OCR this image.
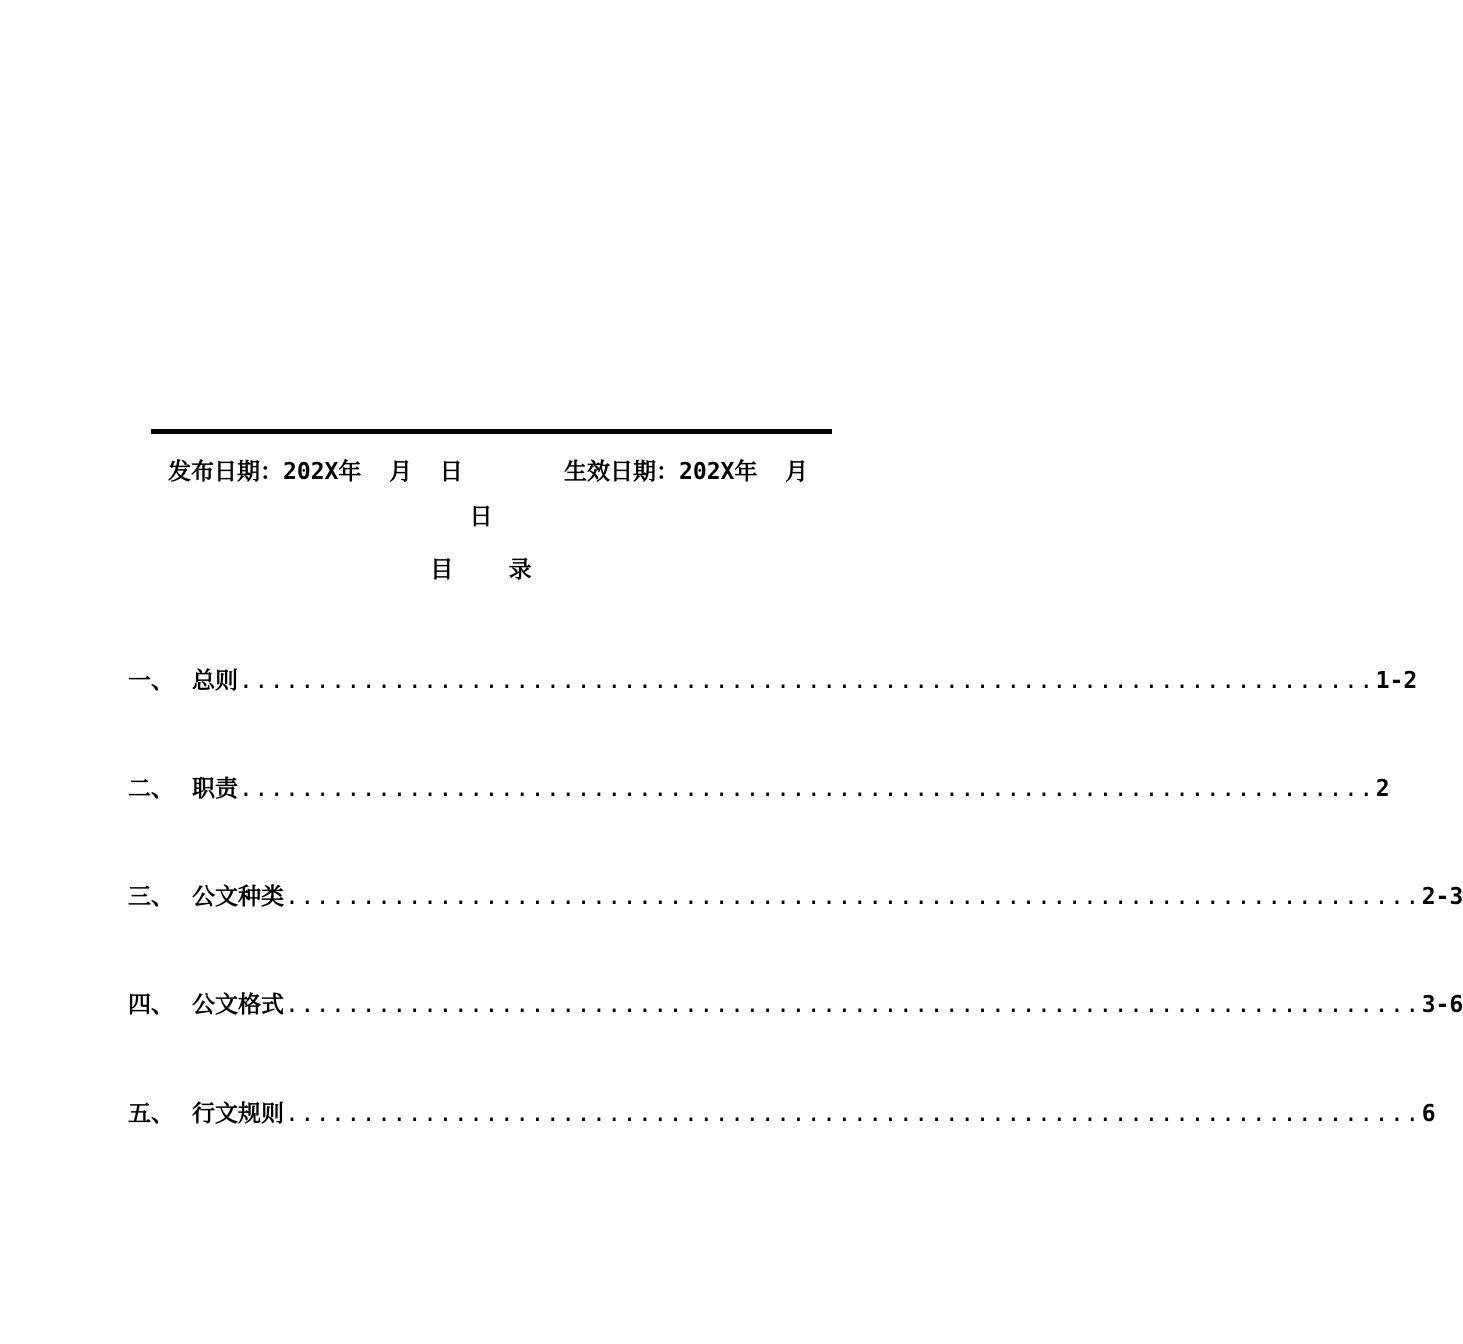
发布日期：202X年  月  日	生效日期：202X年  月
日
目    录
一、 总则 .......................................................................... 1-2
二、 职责 .......................................................................... 2
三、 公文种类 .......................................................................... 2-3
四、 公文格式 .......................................................................... 3-6
五、 行文规则 .......................................................................... 6
